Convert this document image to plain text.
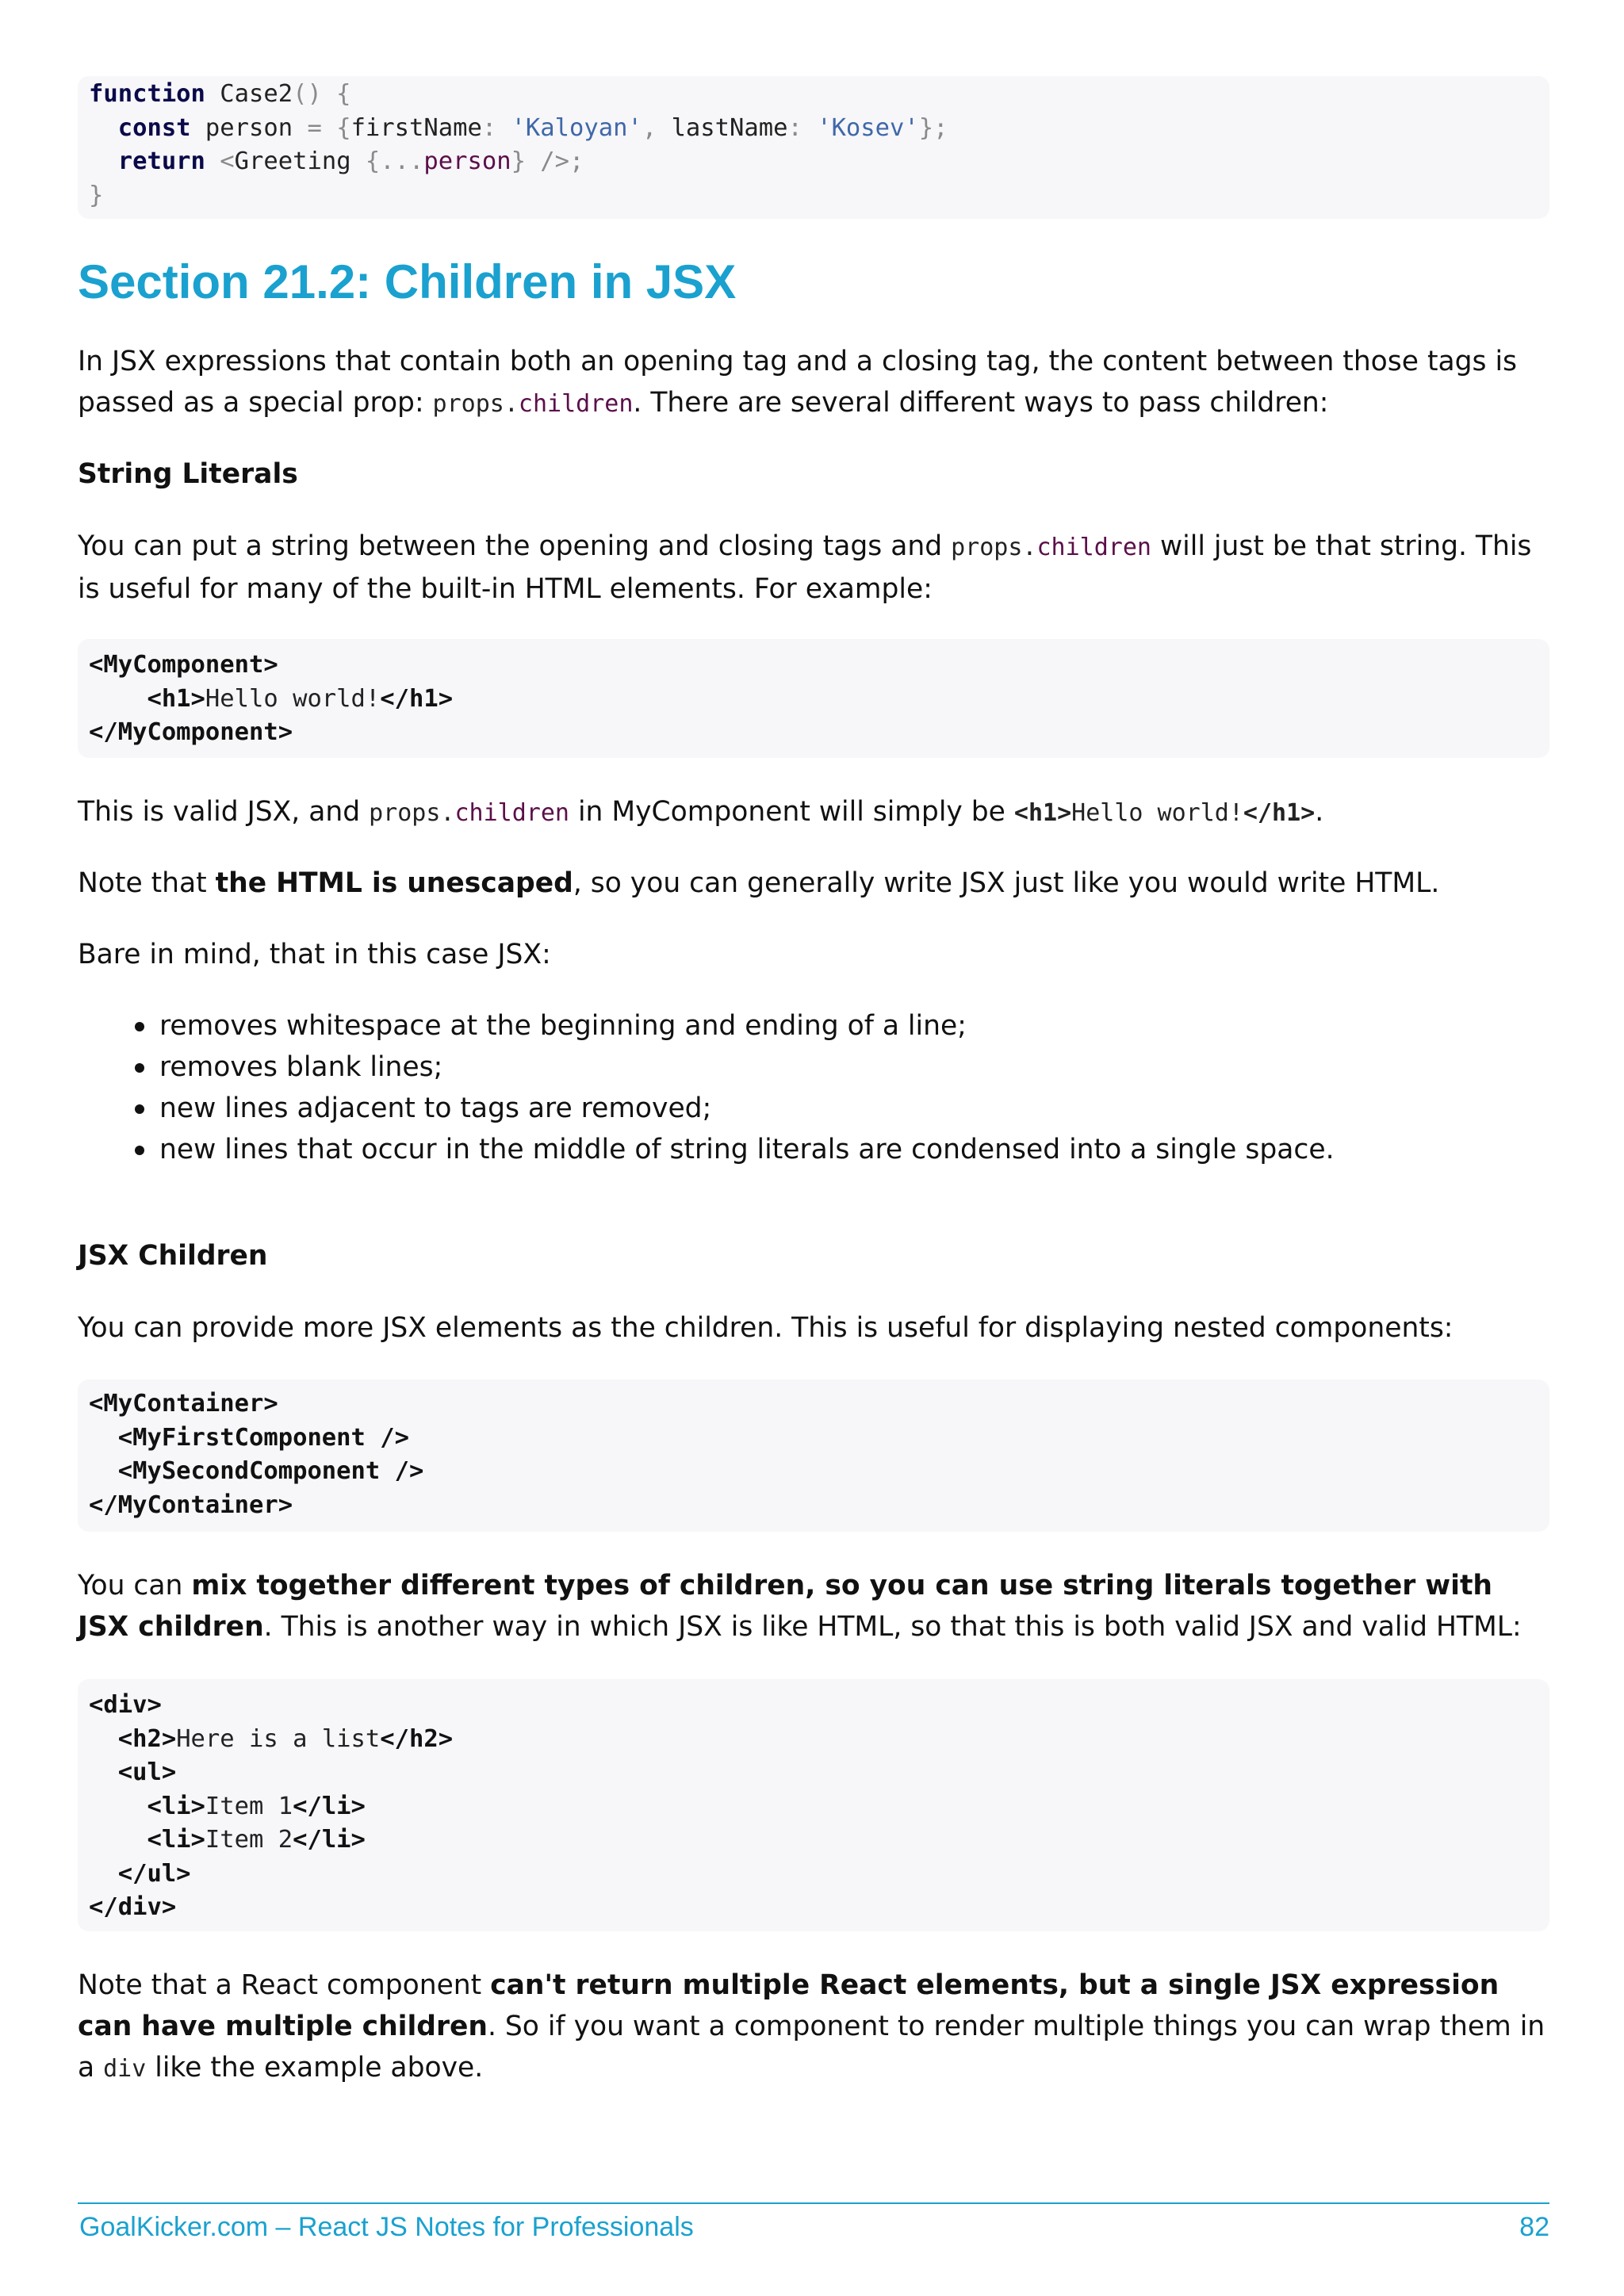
function Case2() {
const person = {firstName: 'Kaloyan', lastName: 'Kosev'};
return <Greeting {...person} />;
}
Section 21.2: Children in JSX

In JSX expressions that contain both an opening tag and a closing tag, the content between those tags is passed as a special prop: props.children. There are several different ways to pass children:

String Literals

You can put a string between the opening and closing tags and props.children will just be that string. This is useful for many of the built-in HTML elements. For example:

<MyComponent>
<h1>Hello world!</h1>
</MyComponent>

This is valid JSX, and props.children in MyComponent will simply be <h1>Hello world!</h1>.

Note that the HTML is unescaped, so you can generally write JSX just like you would write HTML.

Bare in mind, that in this case JSX:

removes whitespace at the beginning and ending of a line;
removes blank lines;
new lines adjacent to tags are removed;
new lines that occur in the middle of string literals are condensed into a single space.
JSX Children

You can provide more JSX elements as the children. This is useful for displaying nested components:

<MyContainer>
<MyFirstComponent />
<MySecondComponent />
</MyContainer>

You can mix together different types of children, so you can use string literals together with JSX children. This is another way in which JSX is like HTML, so that this is both valid JSX and valid HTML:

<div>
<h2>Here is a list</h2>
<ul>
<li>Item 1</li>
<li>Item 2</li>
</ul>
</div>

Note that a React component can't return multiple React elements, but a single JSX expression can have multiple children. So if you want a component to render multiple things you can wrap them in a div like the example above.

GoalKicker.com – React JS Notes for Professionals	82
